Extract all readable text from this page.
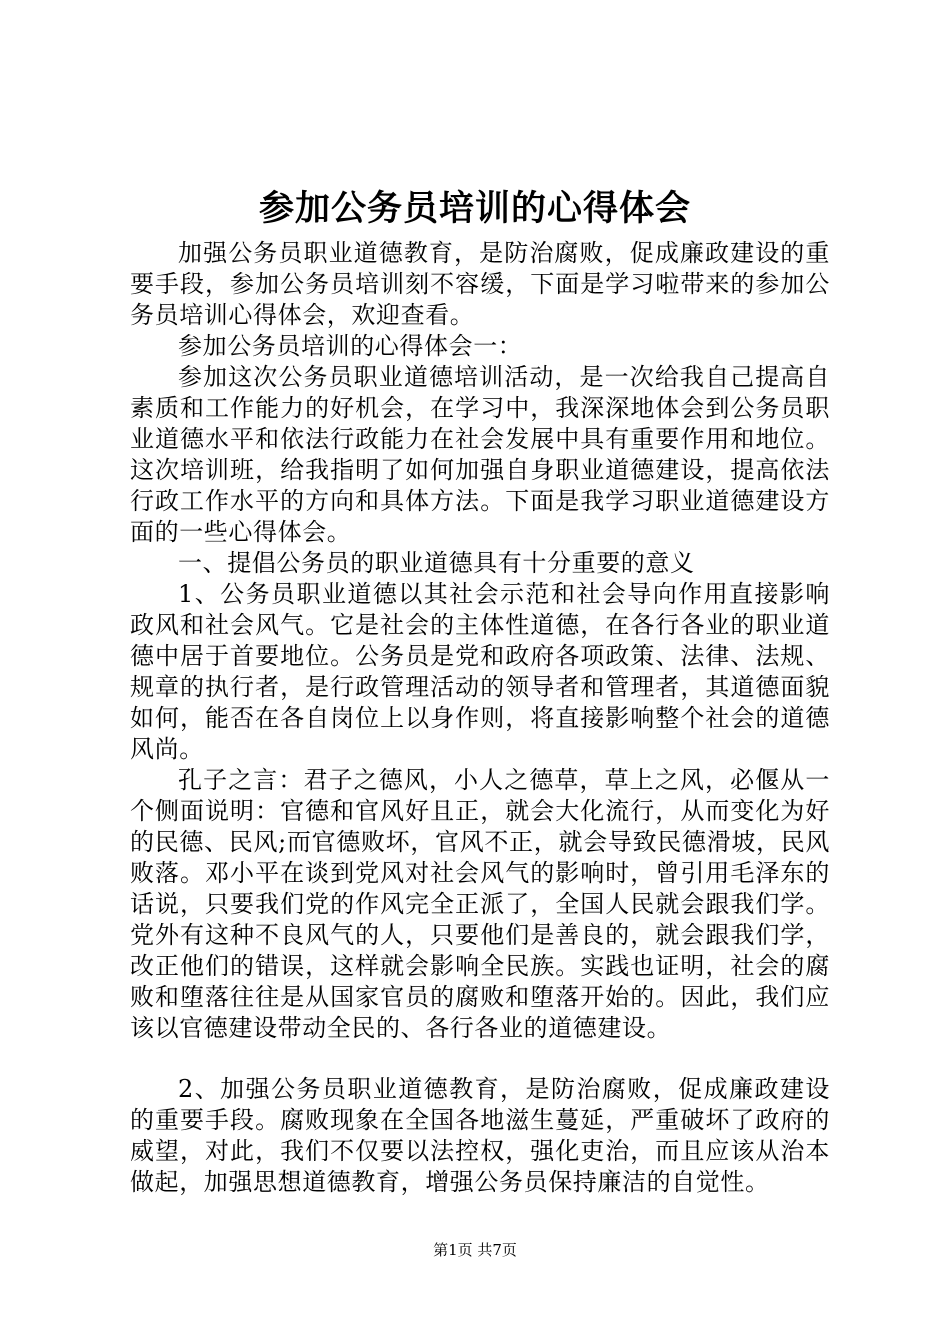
参加公务员培训的心得体会

加强公务员职业道德教育，是防治腐败，促成廉政建设的重要手段，参加公务员培训刻不容缓，下面是学习啦带来的参加公务员培训心得体会，欢迎查看。

参加公务员培训的心得体会一：

参加这次公务员职业道德培训活动，是一次给我自己提高自素质和工作能力的好机会，在学习中，我深深地体会到公务员职业道德水平和依法行政能力在社会发展中具有重要作用和地位。这次培训班，给我指明了如何加强自身职业道德建设，提高依法行政工作水平的方向和具体方法。下面是我学习职业道德建设方面的一些心得体会。

一、提倡公务员的职业道德具有十分重要的意义

1、公务员职业道德以其社会示范和社会导向作用直接影响政风和社会风气。它是社会的主体性道德，在各行各业的职业道德中居于首要地位。公务员是党和政府各项政策、法律、法规、规章的执行者，是行政管理活动的领导者和管理者，其道德面貌如何，能否在各自岗位上以身作则，将直接影响整个社会的道德风尚。

孔子之言：君子之德风，小人之德草，草上之风，必偃从一个侧面说明：官德和官风好且正，就会大化流行，从而变化为好的民德、民风;而官德败坏，官风不正，就会导致民德滑坡，民风败落。邓小平在谈到党风对社会风气的影响时，曾引用毛泽东的话说，只要我们党的作风完全正派了，全国人民就会跟我们学。党外有这种不良风气的人，只要他们是善良的，就会跟我们学，改正他们的错误，这样就会影响全民族。实践也证明，社会的腐败和堕落往往是从国家官员的腐败和堕落开始的。因此，我们应该以官德建设带动全民的、各行各业的道德建设。

2、加强公务员职业道德教育，是防治腐败，促成廉政建设的重要手段。腐败现象在全国各地滋生蔓延，严重破坏了政府的威望，对此，我们不仅要以法控权，强化吏治，而且应该从治本做起，加强思想道德教育，增强公务员保持廉洁的自觉性。

第1页 共7页
